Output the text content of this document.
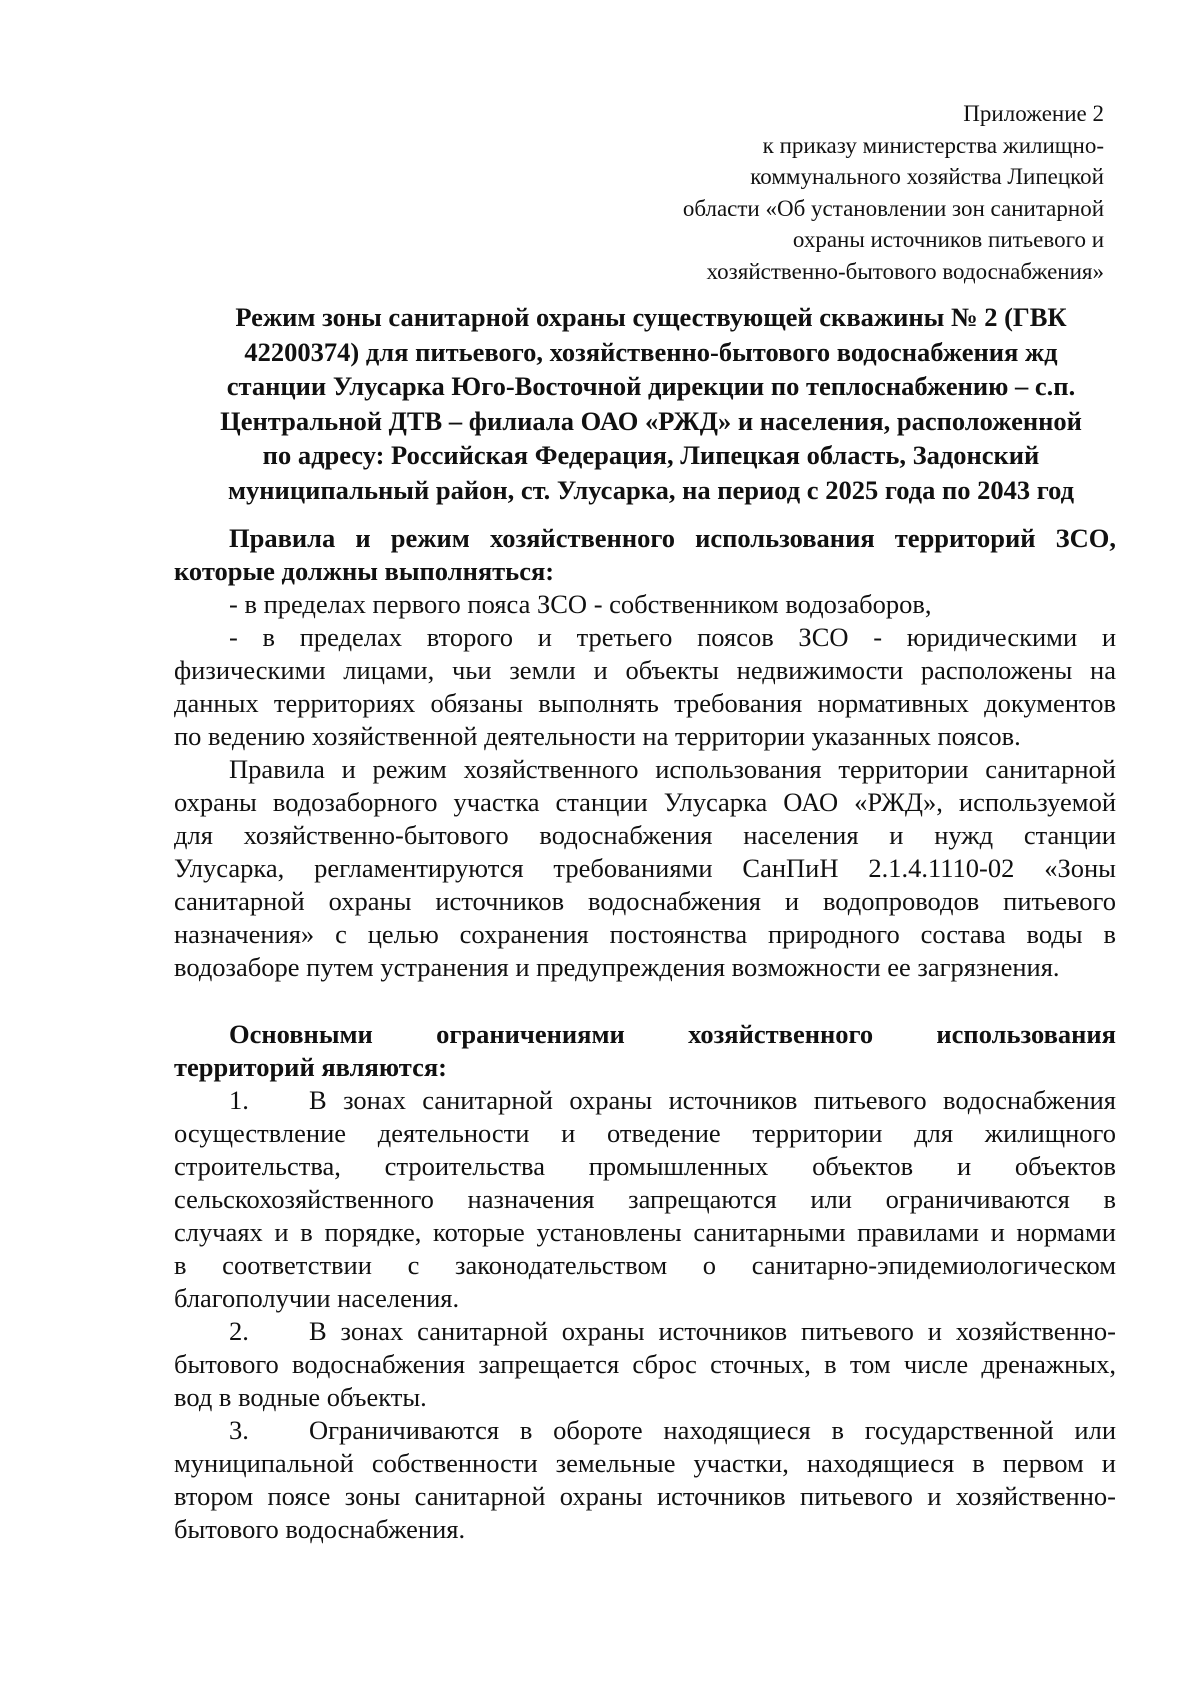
Приложение 2
к приказу министерства жилищно-
коммунального хозяйства Липецкой
области «Об установлении зон санитарной
охраны источников питьевого и
хозяйственно-бытового водоснабжения»
Режим зоны санитарной охраны существующей скважины № 2 (ГВК
42200374) для питьевого, хозяйственно-бытового водоснабжения жд
станции Улусарка Юго-Восточной дирекции по теплоснабжению – с.п.
Центральной ДТВ – филиала ОАО «РЖД» и населения, расположенной
по адресу: Российская Федерация, Липецкая область, Задонский
муниципальный район, ст. Улусарка, на период с 2025 года по 2043 год
Правила и режим хозяйственного использования территорий ЗСО,
которые должны выполняться:
- в пределах первого пояса ЗСО - собственником водозаборов,
- в пределах второго и третьего поясов ЗСО - юридическими и
физическими лицами, чьи земли и объекты недвижимости расположены на
данных территориях обязаны выполнять требования нормативных документов
по ведению хозяйственной деятельности на территории указанных поясов.
Правила и режим хозяйственного использования территории санитарной
охраны водозаборного участка станции Улусарка ОАО «РЖД», используемой
для хозяйственно-бытового водоснабжения населения и нужд станции
Улусарка, регламентируются требованиями СанПиН 2.1.4.1110-02 «Зоны
санитарной охраны источников водоснабжения и водопроводов питьевого
назначения» с целью сохранения постоянства природного состава воды в
водозаборе путем устранения и предупреждения возможности ее загрязнения.
Основными ограничениями хозяйственного использования
территорий являются:
1.	В зонах санитарной охраны источников питьевого водоснабжения
осуществление деятельности и отведение территории для жилищного
строительства, строительства промышленных объектов и объектов
сельскохозяйственного назначения запрещаются или ограничиваются в
случаях и в порядке, которые установлены санитарными правилами и нормами
в соответствии с законодательством о санитарно-эпидемиологическом
благополучии населения.
2.	В зонах санитарной охраны источников питьевого и хозяйственно-
бытового водоснабжения запрещается сброс сточных, в том числе дренажных,
вод в водные объекты.
3.	Ограничиваются в обороте находящиеся в государственной или
муниципальной собственности земельные участки, находящиеся в первом и
втором поясе зоны санитарной охраны источников питьевого и хозяйственно-
бытового водоснабжения.
